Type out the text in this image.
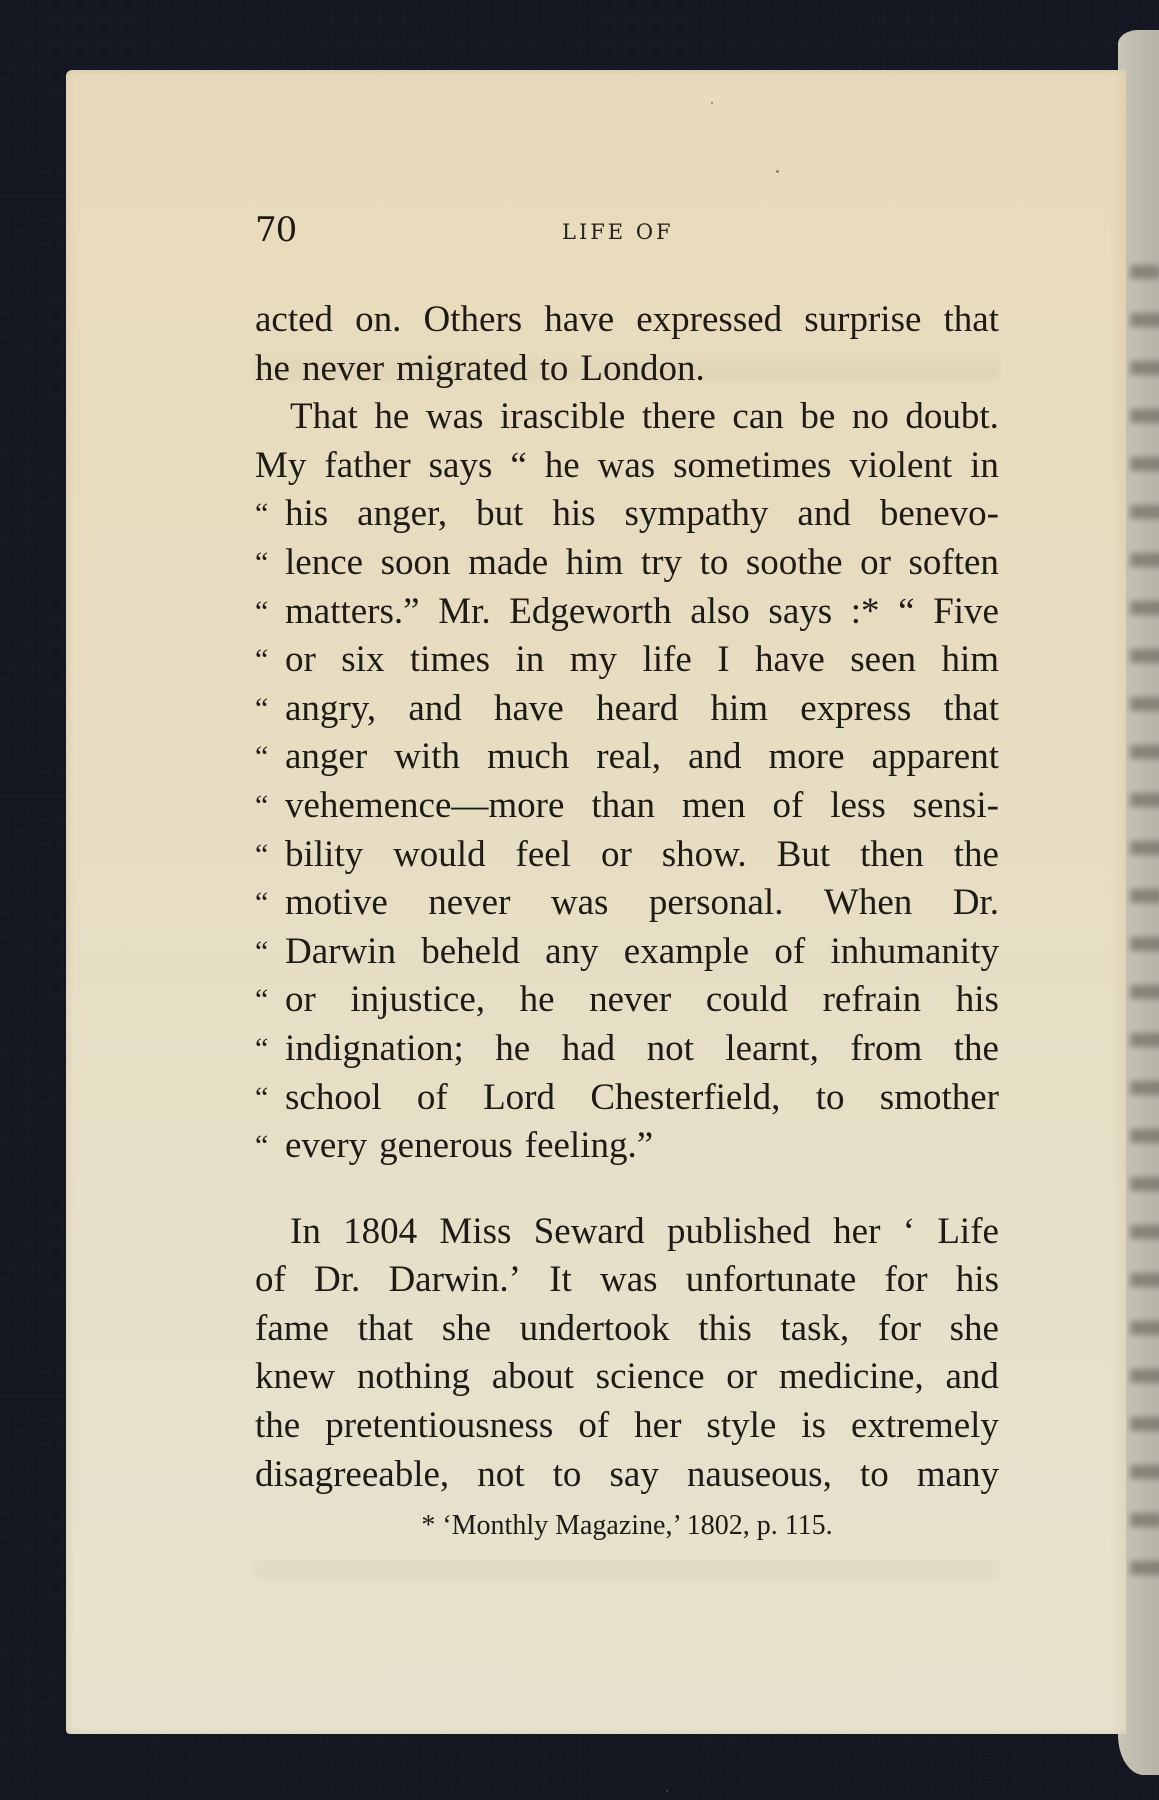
70	LIFE OF
acted on. Others have expressed surprise that
he never migrated to London.
That he was irascible there can be no doubt.
My father says “ he was sometimes violent in
“ his anger, but his sympathy and benevo-
“ lence soon made him try to soothe or soften
“ matters.” Mr. Edgeworth also says :* “ Five
“ or six times in my life I have seen him
“ angry, and have heard him express that
“ anger with much real, and more apparent
“ vehemence—more than men of less sensi-
“ bility would feel or show. But then the
“ motive never was personal. When Dr.
“ Darwin beheld any example of inhumanity
“ or injustice, he never could refrain his
“ indignation; he had not learnt, from the
“ school of Lord Chesterfield, to smother
“ every generous feeling.”
In 1804 Miss Seward published her ‘ Life
of Dr. Darwin.’ It was unfortunate for his
fame that she undertook this task, for she
knew nothing about science or medicine, and
the pretentiousness of her style is extremely
disagreeable, not to say nauseous, to many
* ‘Monthly Magazine,’ 1802, p. 115.
